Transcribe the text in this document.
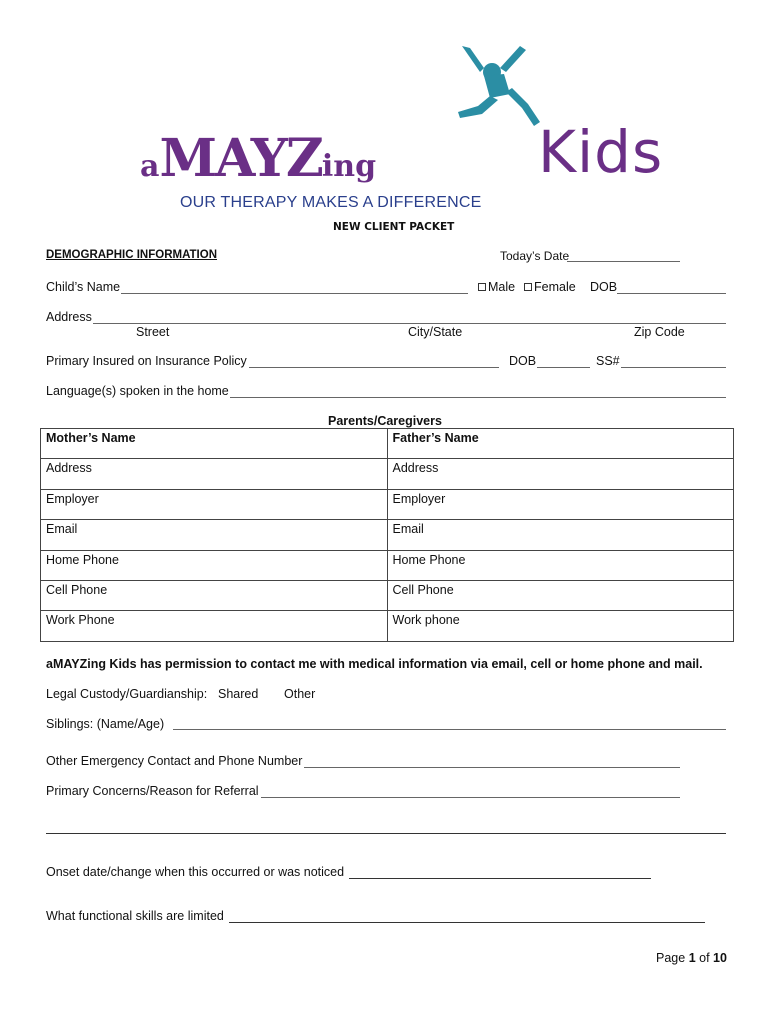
aMAYZing	Kids
OUR THERAPY MAKES A DIFFERENCE
NEW CLIENT PACKET
DEMOGRAPHIC INFORMATION	Today’s Date
Child’s Name	Male	Female DOB
Address
Street	City/State	Zip Code
Primary Insured on Insurance Policy	DOB	SS#
Language(s) spoken in the home
Parents/Caregivers
Mother’s Name	Father’s Name
Address	Address
Employer	Employer
Email	Email
Home Phone	Home Phone
Cell Phone	Cell Phone
Work Phone	Work phone
aMAYZing Kids has permission to contact me with medical information via email, cell or home phone and mail.
Legal Custody/Guardianship: Shared Other
Siblings: (Name/Age)
Other Emergency Contact and Phone Number
Primary Concerns/Reason for Referral
Onset date/change when this occurred or was noticed
What functional skills are limited
Page 1 of 10
